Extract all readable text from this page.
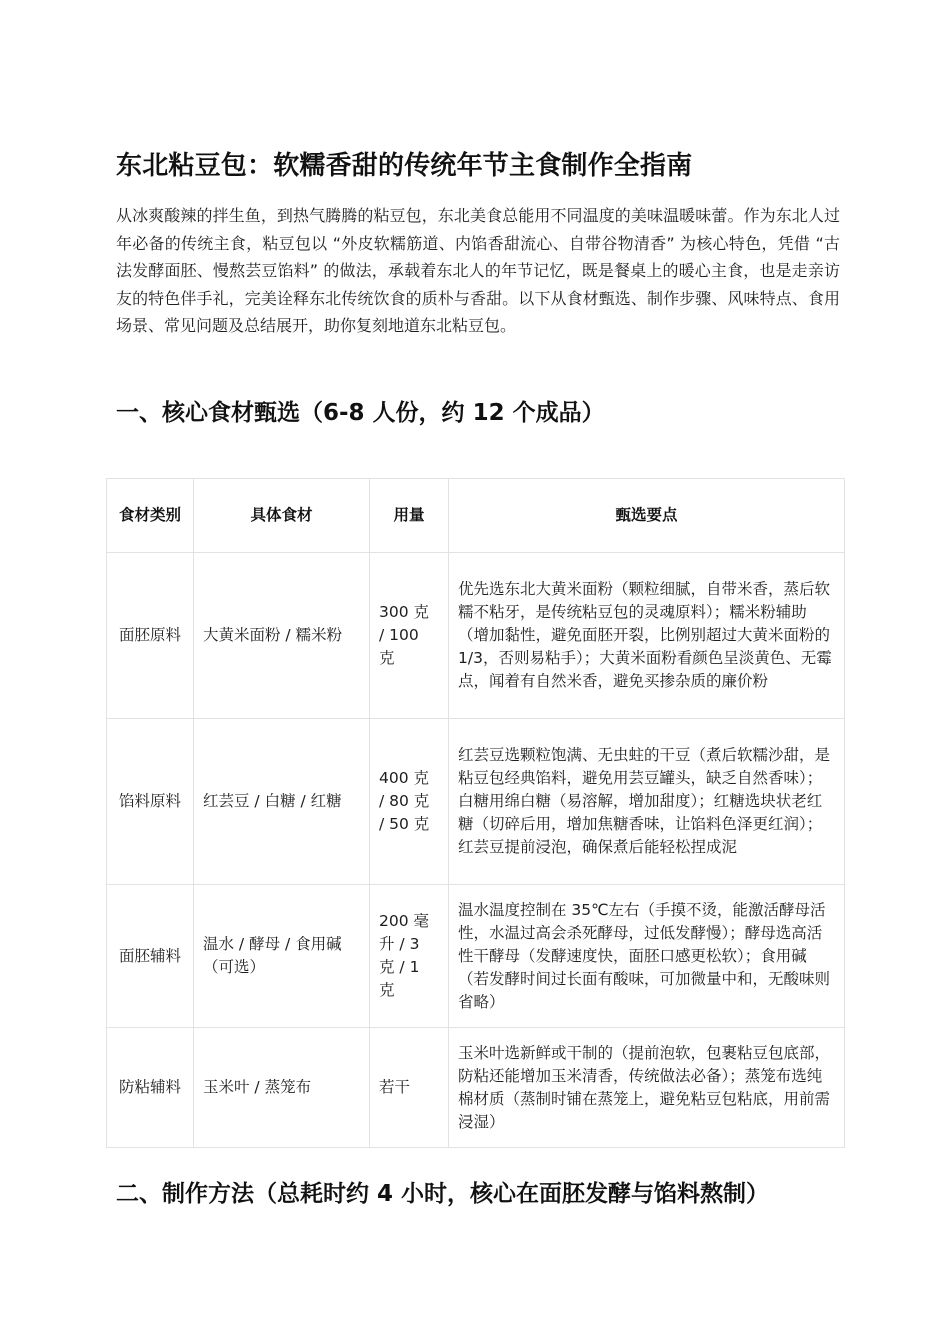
东北粘豆包：软糯香甜的传统年节主食制作全指南

从冰爽酸辣的拌生鱼，到热气腾腾的粘豆包，东北美食总能用不同温度的美味温暖味蕾。作为东北人过年必备的传统主食，粘豆包以 “外皮软糯筋道、内馅香甜流心、自带谷物清香” 为核心特色，凭借 “古法发酵面胚、慢熬芸豆馅料” 的做法，承载着东北人的年节记忆，既是餐桌上的暖心主食，也是走亲访友的特色伴手礼，完美诠释东北传统饮食的质朴与香甜。以下从食材甄选、制作步骤、风味特点、食用场景、常见问题及总结展开，助你复刻地道东北粘豆包。

一、核心食材甄选（6-8 人份，约 12 个成品）
食材类别	具体食材	用量	甄选要点
面胚原料	大黄米面粉 / 糯米粉	300 克 / 100 克	优先选东北大黄米面粉（颗粒细腻，自带米香，蒸后软糯不粘牙，是传统粘豆包的灵魂原料）；糯米粉辅助（增加黏性，避免面胚开裂，比例别超过大黄米面粉的 1/3，否则易粘手）；大黄米面粉看颜色呈淡黄色、无霉点，闻着有自然米香，避免买掺杂质的廉价粉
馅料原料	红芸豆 / 白糖 / 红糖	400 克 / 80 克 / 50 克	红芸豆选颗粒饱满、无虫蛀的干豆（煮后软糯沙甜，是粘豆包经典馅料，避免用芸豆罐头，缺乏自然香味）；白糖用绵白糖（易溶解，增加甜度）；红糖选块状老红糖（切碎后用，增加焦糖香味，让馅料色泽更红润）；红芸豆提前浸泡，确保煮后能轻松捏成泥
面胚辅料	温水 / 酵母 / 食用碱（可选）	200 毫升 / 3 克 / 1 克	温水温度控制在 35℃左右（手摸不烫，能激活酵母活性，水温过高会杀死酵母，过低发酵慢）；酵母选高活性干酵母（发酵速度快，面胚口感更松软）；食用碱（若发酵时间过长面有酸味，可加微量中和，无酸味则省略）
防粘辅料	玉米叶 / 蒸笼布	若干	玉米叶选新鲜或干制的（提前泡软，包裹粘豆包底部，防粘还能增加玉米清香，传统做法必备）；蒸笼布选纯棉材质（蒸制时铺在蒸笼上，避免粘豆包粘底，用前需浸湿）
二、制作方法（总耗时约 4 小时，核心在面胚发酵与馅料熬制）
